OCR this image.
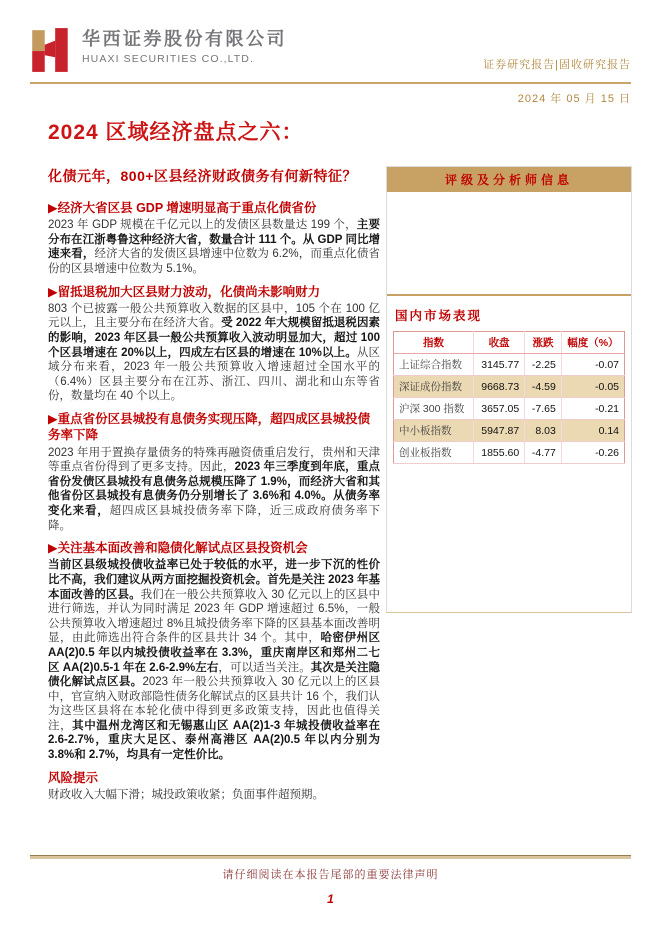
华西证券股份有限公司
HUAXI SECURITIES CO.,LTD.
证券研究报告|固收研究报告
2024 年 05 月 15 日
2024 区域经济盘点之六：
化债元年，800+区县经济财政债务有何新特征？
▶经济大省区县 GDP 增速明显高于重点化债省份

2023 年 GDP 规模在千亿元以上的发债区县数量达 199 个，主要分布在江浙粤鲁这种经济大省，数量合计 111 个。从 GDP 同比增速来看，经济大省的发债区县增速中位数为 6.2%，而重点化债省份的区县增速中位数为 5.1%。

▶留抵退税加大区县财力波动，化债尚未影响财力

803 个已披露一般公共预算收入数据的区县中，105 个在 100 亿元以上，且主要分布在经济大省。受 2022 年大规模留抵退税因素的影响，2023 年区县一般公共预算收入波动明显加大，超过 100 个区县增速在 20%以上，四成左右区县的增速在 10%以上。从区域分布来看，2023 年一般公共预算收入增速超过全国水平的（6.4%）区县主要分布在江苏、浙江、四川、湖北和山东等省份，数量均在 40 个以上。

▶重点省份区县城投有息债务实现压降，超四成区县城投债务率下降

2023 年用于置换存量债务的特殊再融资债重启发行，贵州和天津等重点省份得到了更多支持。因此，2023 年三季度到年底，重点省份发债区县城投有息债务总规模压降了 1.9%，而经济大省和其他省份区县城投有息债务仍分别增长了 3.6%和 4.0%。从债务率变化来看，超四成区县城投债务率下降，近三成政府债务率下降。

▶关注基本面改善和隐债化解试点区县投资机会

当前区县级城投债收益率已处于较低的水平，进一步下沉的性价比不高，我们建议从两方面挖掘投资机会。首先是关注 2023 年基本面改善的区县。我们在一般公共预算收入 30 亿元以上的区县中进行筛选，并认为同时满足 2023 年 GDP 增速超过 6.5%，一般公共预算收入增速超过 8%且城投债务率下降的区县基本面改善明显，由此筛选出符合条件的区县共计 34 个。其中，哈密伊州区 AA(2)0.5 年以内城投债收益率在 3.3%，重庆南岸区和郑州二七区 AA(2)0.5-1 年在 2.6-2.9%左右，可以适当关注。其次是关注隐债化解试点区县。2023 年一般公共预算收入 30 亿元以上的区县中，官宣纳入财政部隐性债务化解试点的区县共计 16 个，我们认为这些区县将在本轮化债中得到更多政策支持，因此也值得关注，其中温州龙湾区和无锡惠山区 AA(2)1-3 年城投债收益率在 2.6-2.7%，重庆大足区、泰州高港区 AA(2)0.5 年以内分别为 3.8%和 2.7%，均具有一定性价比。

风险提示

财政收入大幅下滑；城投政策收紧；负面事件超预期。

评级及分析师信息
国内市场表现
指数	收盘	涨跌	幅度（%）
上证综合指数	3145.77	-2.25	-0.07
深证成份指数	9668.73	-4.59	-0.05
沪深 300 指数	3657.05	-7.65	-0.21
中小板指数	5947.87	8.03	0.14
创业板指数	1855.60	-4.77	-0.26
请仔细阅读在本报告尾部的重要法律声明
1
